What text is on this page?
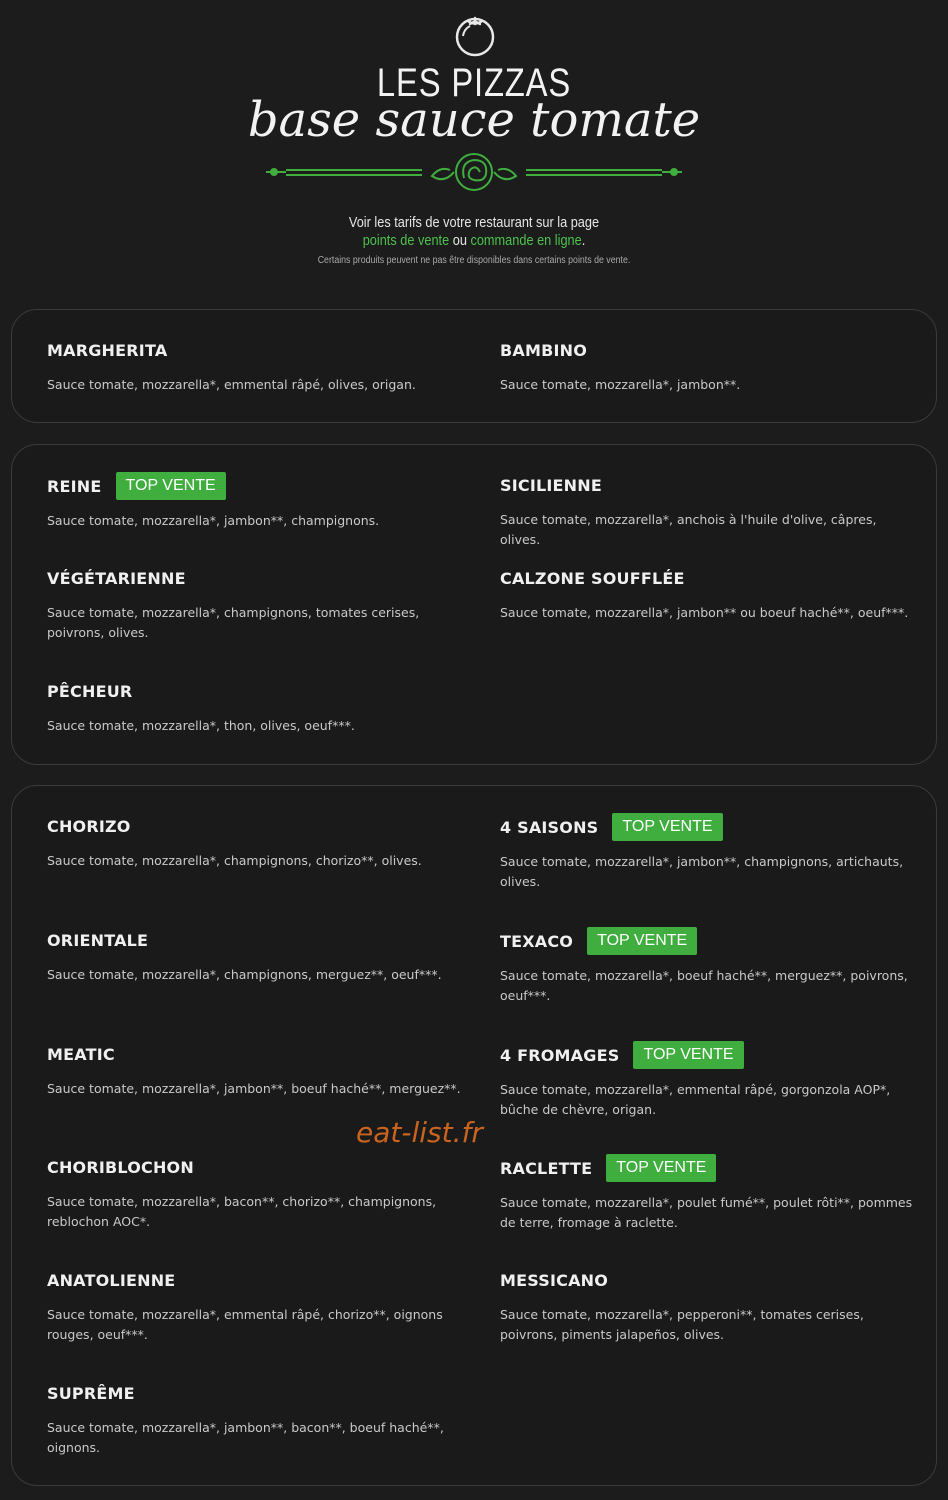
LES PIZZAS
base sauce tomate
Voir les tarifs de votre restaurant sur la page
points de vente ou commande en ligne.
Certains produits peuvent ne pas être disponibles dans certains points de vente.
MARGHERITA
Sauce tomate, mozzarella*, emmental râpé, olives, origan.
BAMBINO
Sauce tomate, mozzarella*, jambon**.
REINE	TOP VENTE
Sauce tomate, mozzarella*, jambon**, champignons.
SICILIENNE
Sauce tomate, mozzarella*, anchois à l'huile d'olive, câpres, olives.
VÉGÉTARIENNE
Sauce tomate, mozzarella*, champignons, tomates cerises, poivrons, olives.
CALZONE SOUFFLÉE
Sauce tomate, mozzarella*, jambon** ou boeuf haché**, oeuf***.
PÊCHEUR
Sauce tomate, mozzarella*, thon, olives, oeuf***.
CHORIZO
Sauce tomate, mozzarella*, champignons, chorizo**, olives.
4 SAISONS	TOP VENTE
Sauce tomate, mozzarella*, jambon**, champignons, artichauts, olives.
ORIENTALE
Sauce tomate, mozzarella*, champignons, merguez**, oeuf***.
TEXACO	TOP VENTE
Sauce tomate, mozzarella*, boeuf haché**, merguez**, poivrons, oeuf***.
MEATIC
Sauce tomate, mozzarella*, jambon**, boeuf haché**, merguez**.
4 FROMAGES	TOP VENTE
Sauce tomate, mozzarella*, emmental râpé, gorgonzola AOP*, bûche de chèvre, origan.
CHORIBLOCHON
Sauce tomate, mozzarella*, bacon**, chorizo**, champignons, reblochon AOC*.
RACLETTE	TOP VENTE
Sauce tomate, mozzarella*, poulet fumé**, poulet rôti**, pommes de terre, fromage à raclette.
ANATOLIENNE
Sauce tomate, mozzarella*, emmental râpé, chorizo**, oignons rouges, oeuf***.
MESSICANO
Sauce tomate, mozzarella*, pepperoni**, tomates cerises, poivrons, piments jalapeños, olives.
SUPRÊME
Sauce tomate, mozzarella*, jambon**, bacon**, boeuf haché**, oignons.
eat-list.fr
